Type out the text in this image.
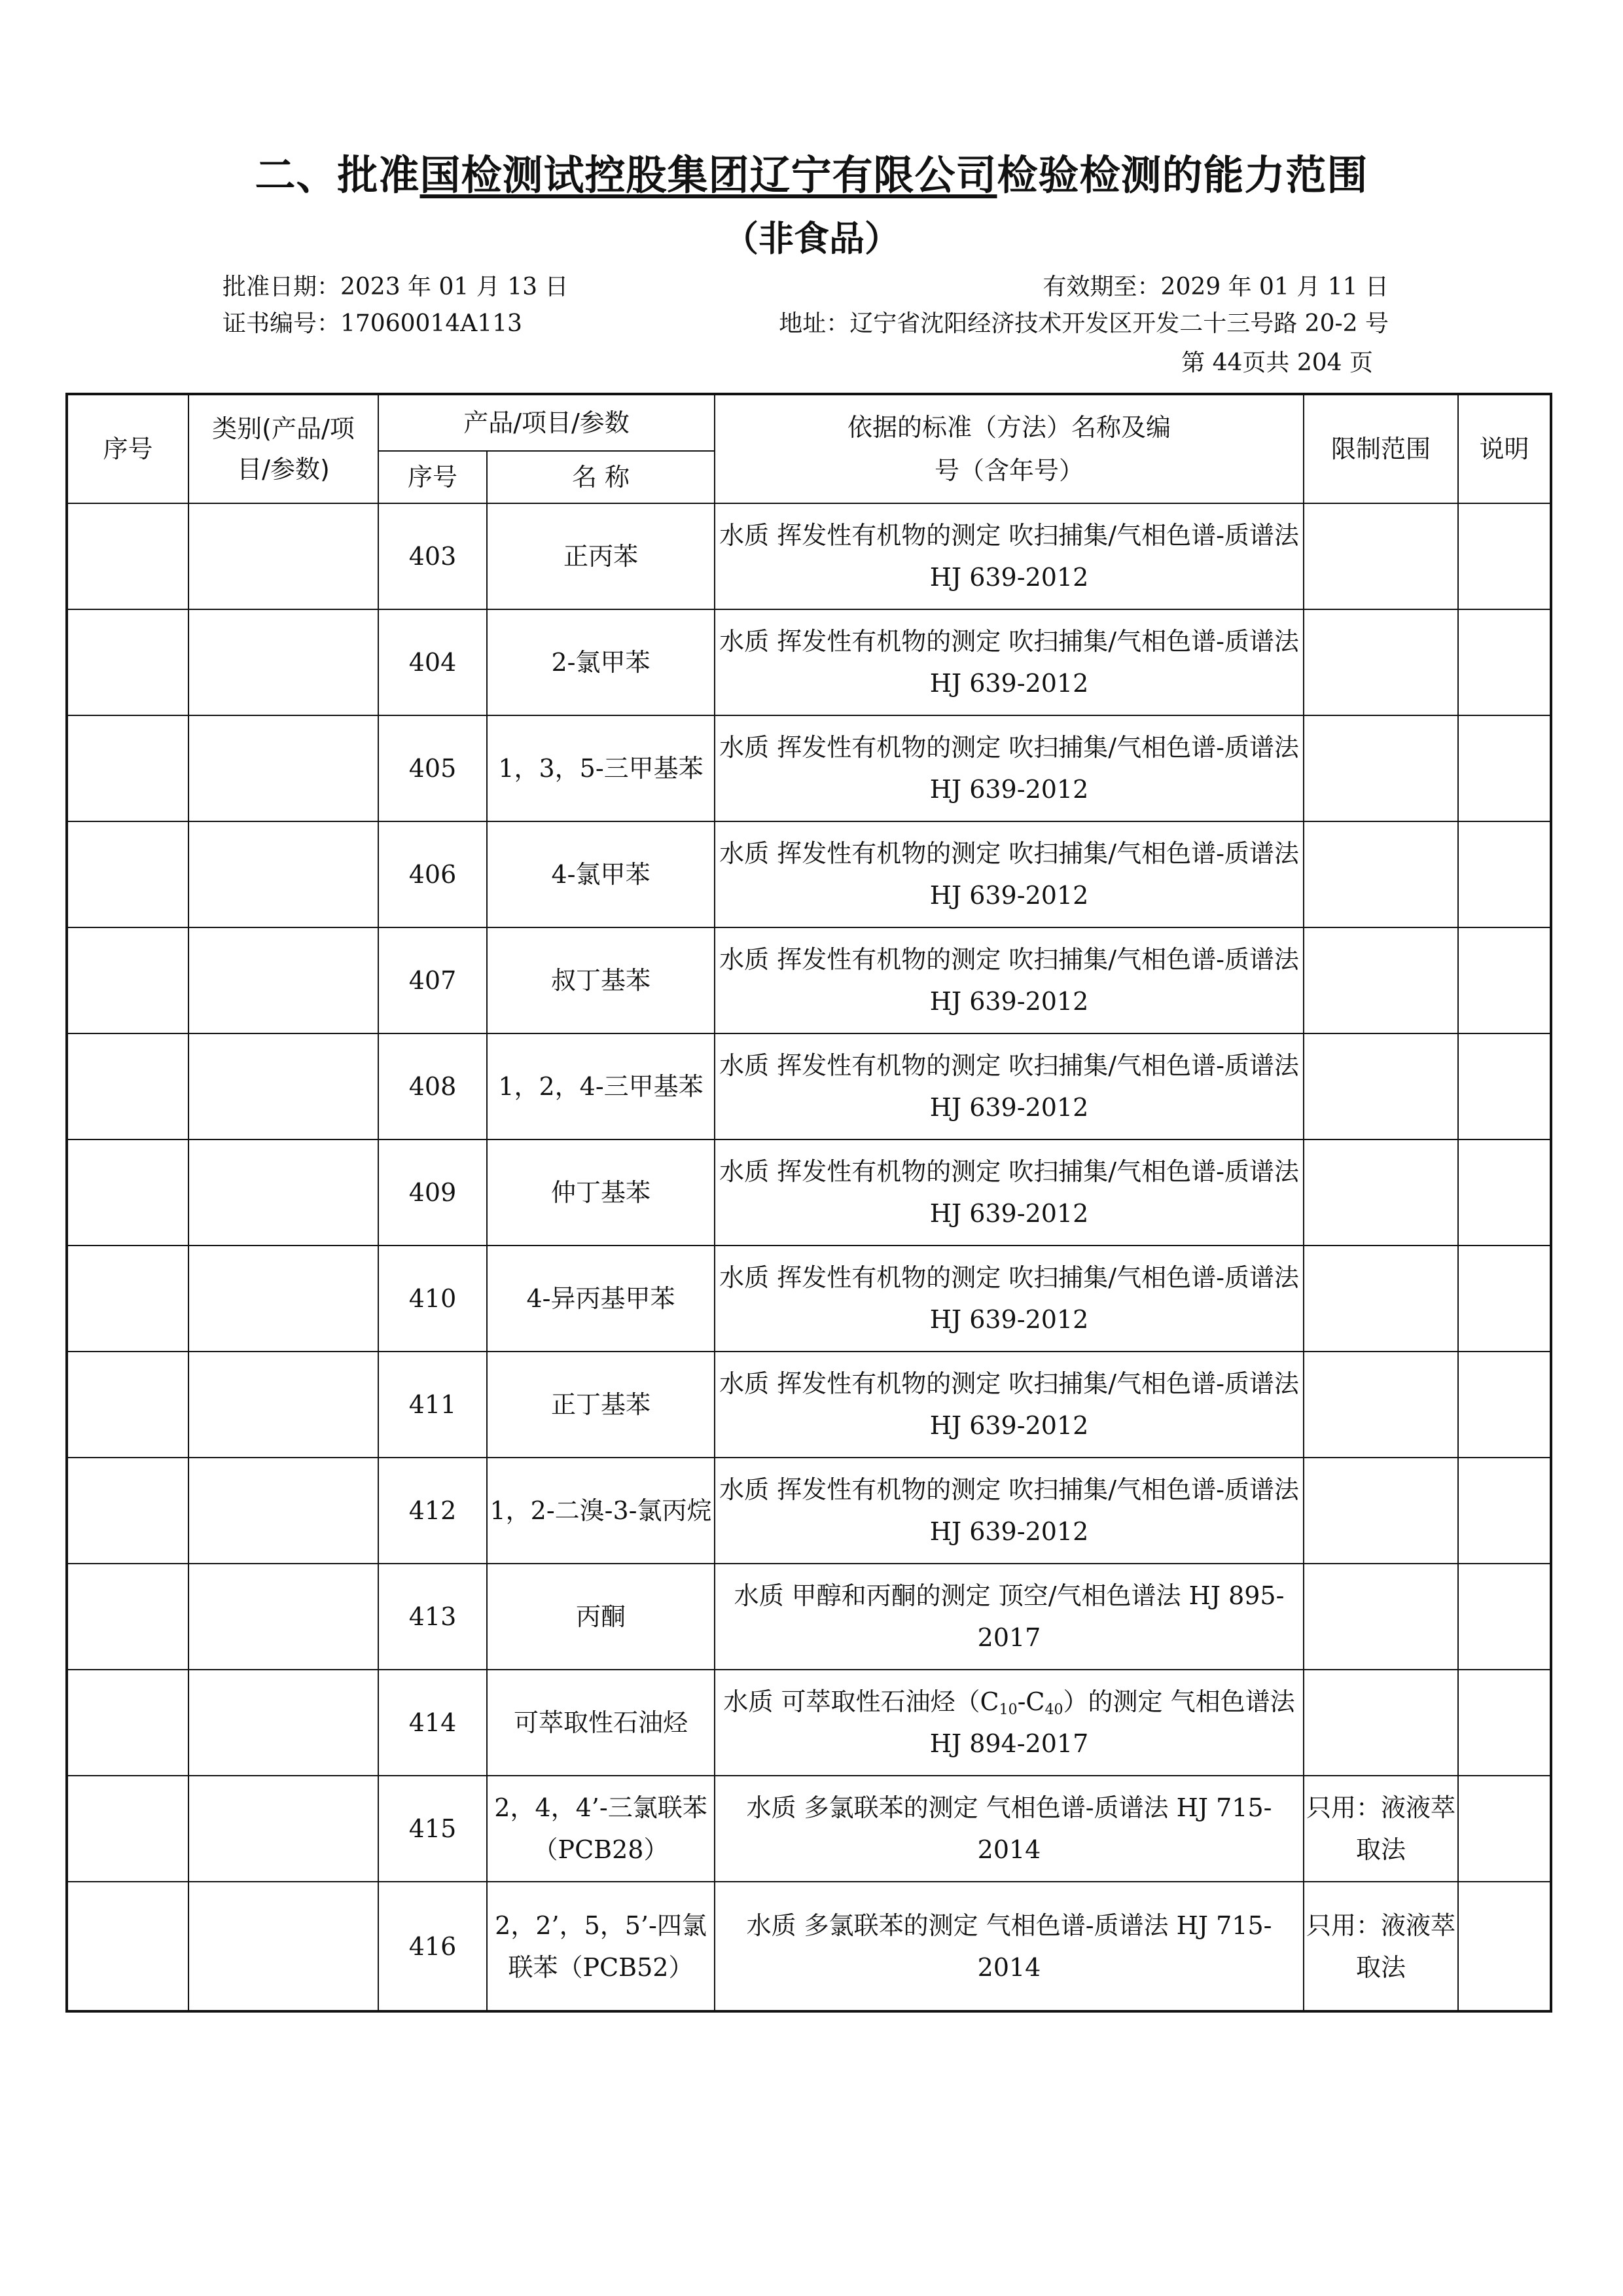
二、批准国检测试控股集团辽宁有限公司检验检测的能力范围
（非食品）
批准日期：2023 年 01 月 13 日
证书编号：17060014A113
有效期至：2029 年 01 月 11 日
地址：辽宁省沈阳经济技术开发区开发二十三号路 20-2 号
第 44页共 204 页
序号	类别(产品/项目/参数)	产品/项目/参数		依据的标准（方法）名称及编号（含年号）	限制范围	说明
		序号	名 称			
		403	正丙苯	水质 挥发性有机物的测定 吹扫捕集/气相色谱-质谱法 HJ 639-2012		
		404	2-氯甲苯	水质 挥发性有机物的测定 吹扫捕集/气相色谱-质谱法 HJ 639-2012		
		405	1，3，5-三甲基苯	水质 挥发性有机物的测定 吹扫捕集/气相色谱-质谱法 HJ 639-2012		
		406	4-氯甲苯	水质 挥发性有机物的测定 吹扫捕集/气相色谱-质谱法 HJ 639-2012		
		407	叔丁基苯	水质 挥发性有机物的测定 吹扫捕集/气相色谱-质谱法 HJ 639-2012		
		408	1，2，4-三甲基苯	水质 挥发性有机物的测定 吹扫捕集/气相色谱-质谱法 HJ 639-2012		
		409	仲丁基苯	水质 挥发性有机物的测定 吹扫捕集/气相色谱-质谱法 HJ 639-2012		
		410	4-异丙基甲苯	水质 挥发性有机物的测定 吹扫捕集/气相色谱-质谱法 HJ 639-2012		
		411	正丁基苯	水质 挥发性有机物的测定 吹扫捕集/气相色谱-质谱法 HJ 639-2012		
		412	1，2-二溴-3-氯丙烷	水质 挥发性有机物的测定 吹扫捕集/气相色谱-质谱法 HJ 639-2012		
		413	丙酮	水质 甲醇和丙酮的测定 顶空/气相色谱法 HJ 895-2017		
		414	可萃取性石油烃	水质 可萃取性石油烃$(C_{10}-C_{40})$的测定 气相色谱法 HJ 894-2017		
		415	2，4，4’-三氯联苯（PCB28）	水质 多氯联苯的测定 气相色谱-质谱法 HJ 715-2014	只用：液液萃取法	
		416	2，2’，5，5’-四氯联苯（PCB52）	水质 多氯联苯的测定 气相色谱-质谱法 HJ 715-2014	只用：液液萃取法	
